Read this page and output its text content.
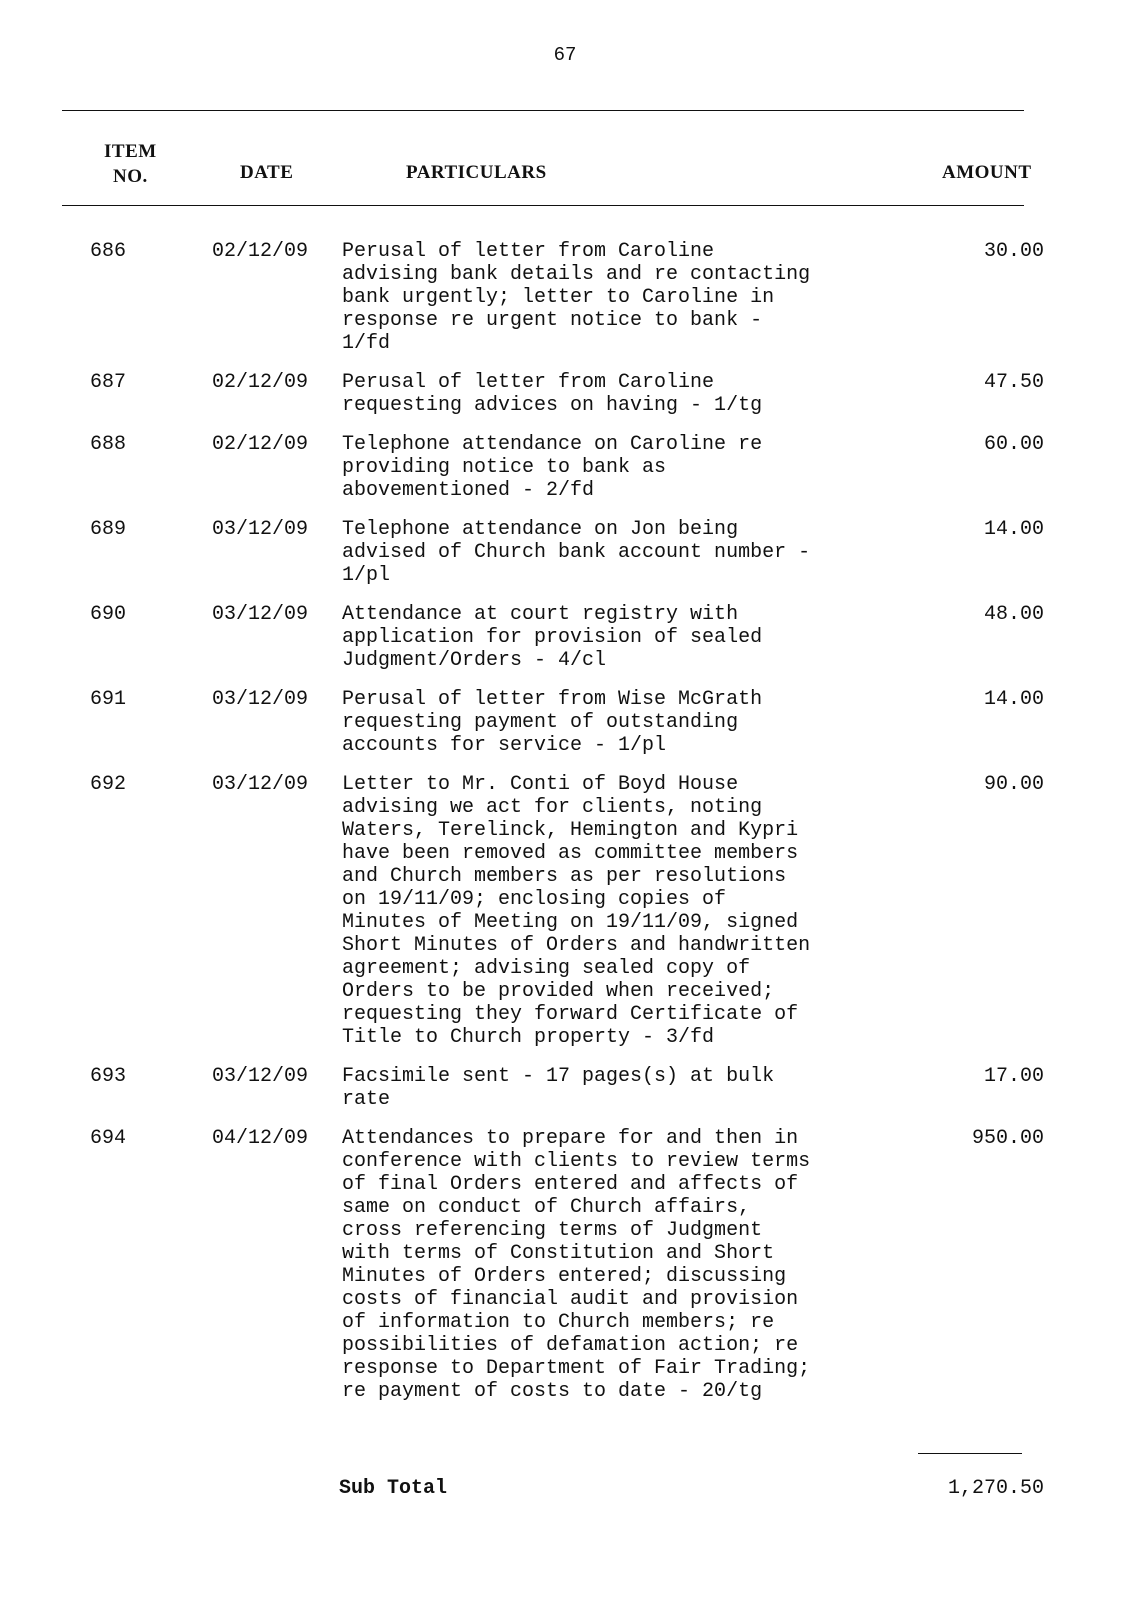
67
ITEM
NO.	DATE	PARTICULARS	AMOUNT
686	02/12/09 Perusal of letter from Caroline
advising bank details and re contacting
bank urgently; letter to Caroline in
response re urgent notice to bank -
1/fd
30.00
687	02/12/09 Perusal of letter from Caroline
requesting advices on having - 1/tg
47.50
688	02/12/09 Telephone attendance on Caroline re
providing notice to bank as
abovementioned - 2/fd
60.00
689	03/12/09 Telephone attendance on Jon being
advised of Church bank account number -
1/pl
14.00
690	03/12/09 Attendance at court registry with
application for provision of sealed
Judgment/Orders - 4/cl
48.00
691	03/12/09 Perusal of letter from Wise McGrath
requesting payment of outstanding
accounts for service - 1/pl
14.00
692	03/12/09 Letter to Mr. Conti of Boyd House
advising we act for clients, noting
Waters, Terelinck, Hemington and Kypri
have been removed as committee members
and Church members as per resolutions
on 19/11/09; enclosing copies of
Minutes of Meeting on 19/11/09, signed
Short Minutes of Orders and handwritten
agreement; advising sealed copy of
Orders to be provided when received;
requesting they forward Certificate of
Title to Church property - 3/fd
90.00
693	03/12/09 Facsimile sent - 17 pages(s) at bulk
rate
17.00
694	04/12/09 Attendances to prepare for and then in
conference with clients to review terms
of final Orders entered and affects of
same on conduct of Church affairs,
cross referencing terms of Judgment
with terms of Constitution and Short
Minutes of Orders entered; discussing
costs of financial audit and provision
of information to Church members; re
possibilities of defamation action; re
response to Department of Fair Trading;
re payment of costs to date - 20/tg
950.00
Sub Total	1,270.50
